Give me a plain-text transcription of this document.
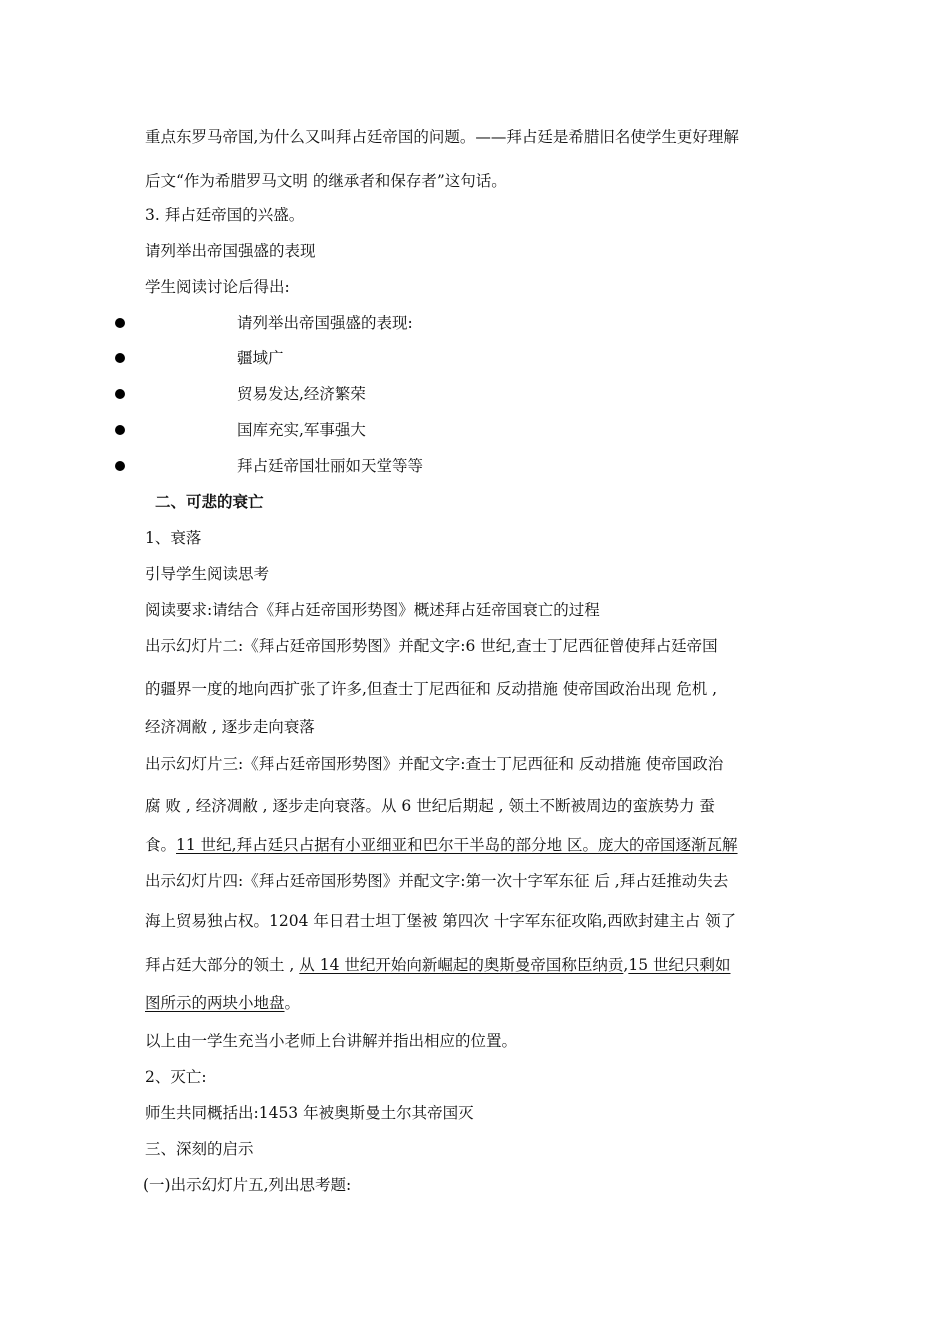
重点东罗马帝国,为什么又叫拜占廷帝国的问题。——拜占廷是希腊旧名使学生更好理解
后文“作为希腊罗马文明 的继承者和保存者”这句话。
3. 拜占廷帝国的兴盛。
请列举出帝国强盛的表现
学生阅读讨论后得出:
请列举出帝国强盛的表现:
疆域广
贸易发达,经济繁荣
国库充实,军事强大
拜占廷帝国壮丽如天堂等等
二、可悲的衰亡
1、衰落
引导学生阅读思考
阅读要求:请结合《拜占廷帝国形势图》概述拜占廷帝国衰亡的过程
出示幻灯片二:《拜占廷帝国形势图》并配文字:6 世纪,查士丁尼西征曾使拜占廷帝国
的疆界一度的地向西扩张了许多,但查士丁尼西征和 反动措施 使帝国政治出现 危机 ,
经济凋敝 , 逐步走向衰落
出示幻灯片三:《拜占廷帝国形势图》并配文字:查士丁尼西征和 反动措施 使帝国政治
腐 败 , 经济凋敝 , 逐步走向衰落。从 6 世纪后期起 , 领土不断被周边的蛮族势力 蚕
食。11 世纪,拜占廷只占据有小亚细亚和巴尔干半岛的部分地 区。庞大的帝国逐渐瓦解
出示幻灯片四:《拜占廷帝国形势图》并配文字:第一次十字军东征 后 ,拜占廷推动失去
海上贸易独占权。1204 年日君士坦丁堡被 第四次 十字军东征攻陷,西欧封建主占 领了
拜占廷大部分的领土 , 从 14 世纪开始向新崛起的奥斯曼帝国称臣纳贡,15 世纪只剩如
图所示的两块小地盘。
以上由一学生充当小老师上台讲解并指出相应的位置。
2、灭亡:
师生共同概括出:1453 年被奥斯曼土尔其帝国灭
三、深刻的启示
(一)出示幻灯片五,列出思考题:
